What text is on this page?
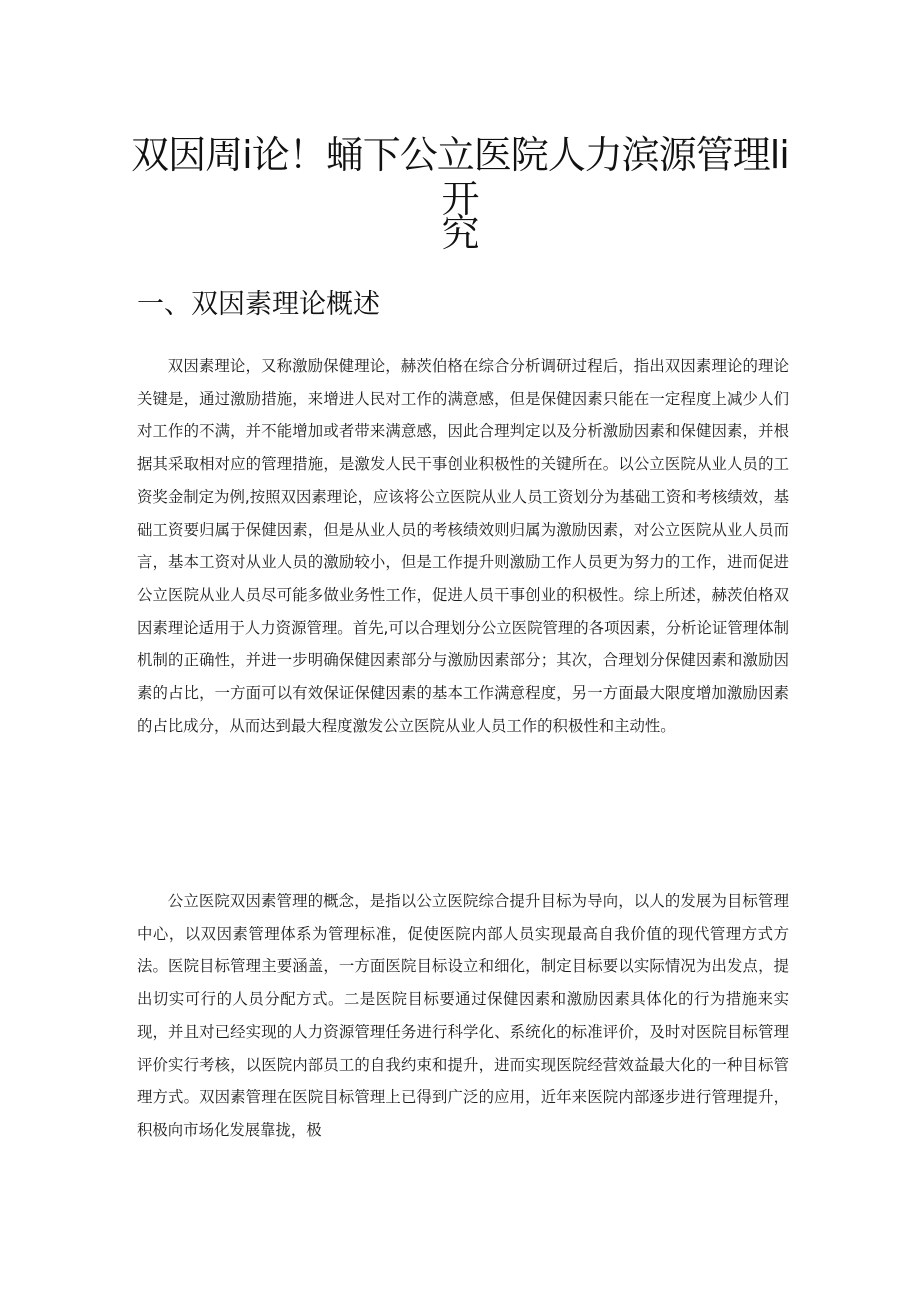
双因周i论！蛹下公立医院人力滨源管理li开
究
一、双因素理论概述

双因素理论，又称激励保健理论，赫茨伯格在综合分析调研过程后，指出双因素理论的理论关键是，通过激励措施，来增进人民对工作的满意感，但是保健因素只能在一定程度上减少人们对工作的不满，并不能增加或者带来满意感，因此合理判定以及分析激励因素和保健因素，并根据其采取相对应的管理措施，是激发人民干事创业积极性的关键所在。以公立医院从业人员的工资奖金制定为例,按照双因素理论，应该将公立医院从业人员工资划分为基础工资和考核绩效，基础工资要归属于保健因素，但是从业人员的考核绩效则归属为激励因素，对公立医院从业人员而言，基本工资对从业人员的激励较小，但是工作提升则激励工作人员更为努力的工作，进而促进公立医院从业人员尽可能多做业务性工作，促进人员干事创业的积极性。综上所述，赫茨伯格双因素理论适用于人力资源管理。首先,可以合理划分公立医院管理的各项因素，分析论证管理体制机制的正确性，并进一步明确保健因素部分与激励因素部分；其次，合理划分保健因素和激励因素的占比，一方面可以有效保证保健因素的基本工作满意程度，另一方面最大限度增加激励因素的占比成分，从而达到最大程度激发公立医院从业人员工作的积极性和主动性。

公立医院双因素管理的概念，是指以公立医院综合提升目标为导向，以人的发展为目标管理中心，以双因素管理体系为管理标准，促使医院内部人员实现最高自我价值的现代管理方式方法。医院目标管理主要涵盖，一方面医院目标设立和细化，制定目标要以实际情况为出发点，提出切实可行的人员分配方式。二是医院目标要通过保健因素和激励因素具体化的行为措施来实现，并且对已经实现的人力资源管理任务进行科学化、系统化的标准评价，及时对医院目标管理评价实行考核，以医院内部员工的自我约束和提升，进而实现医院经营效益最大化的一种目标管理方式。双因素管理在医院目标管理上已得到广泛的应用，近年来医院内部逐步进行管理提升，积极向市场化发展靠拢，极
